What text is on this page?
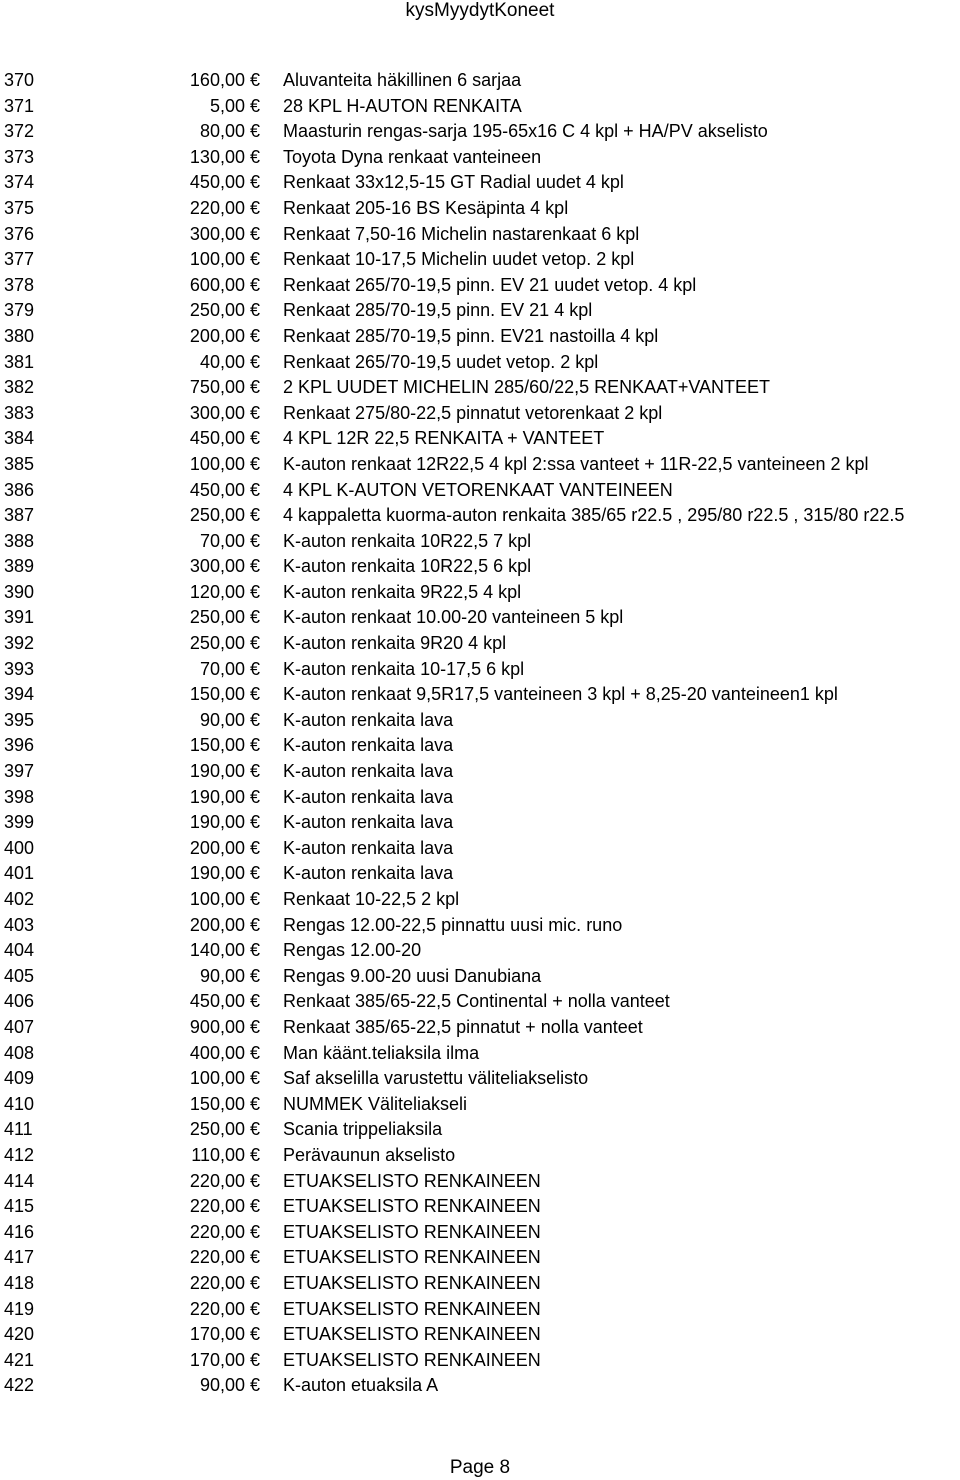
kysMyydytKoneet
370	160,00 € Aluvanteita häkillinen 6 sarjaa
371	5,00 € 28 KPL H-AUTON RENKAITA
372	80,00 € Maasturin rengas-sarja 195-65x16 C 4 kpl + HA/PV akselisto
373	130,00 € Toyota Dyna renkaat vanteineen
374	450,00 € Renkaat 33x12,5-15 GT Radial uudet 4 kpl
375	220,00 € Renkaat 205-16 BS Kesäpinta 4 kpl
376	300,00 € Renkaat 7,50-16 Michelin nastarenkaat 6 kpl
377	100,00 € Renkaat 10-17,5 Michelin uudet vetop. 2 kpl
378	600,00 € Renkaat 265/70-19,5 pinn. EV 21 uudet vetop. 4 kpl
379	250,00 € Renkaat 285/70-19,5 pinn. EV 21 4 kpl
380	200,00 € Renkaat 285/70-19,5 pinn. EV21 nastoilla 4 kpl
381	40,00 € Renkaat 265/70-19,5 uudet vetop. 2 kpl
382	750,00 € 2 KPL UUDET MICHELIN 285/60/22,5 RENKAAT+VANTEET
383	300,00 € Renkaat 275/80-22,5 pinnatut vetorenkaat 2 kpl
384	450,00 € 4 KPL 12R 22,5 RENKAITA + VANTEET
385	100,00 € K-auton renkaat 12R22,5 4 kpl 2:ssa vanteet + 11R-22,5 vanteineen 2 kpl
386	450,00 € 4 KPL K-AUTON VETORENKAAT VANTEINEEN
387	250,00 € 4 kappaletta kuorma-auton renkaita 385/65 r22.5 , 295/80 r22.5 , 315/80 r22.5
388	70,00 € K-auton renkaita 10R22,5 7 kpl
389	300,00 € K-auton renkaita 10R22,5 6 kpl
390	120,00 € K-auton renkaita 9R22,5 4 kpl
391	250,00 € K-auton renkaat 10.00-20 vanteineen 5 kpl
392	250,00 € K-auton renkaita 9R20 4 kpl
393	70,00 € K-auton renkaita 10-17,5 6 kpl
394	150,00 € K-auton renkaat 9,5R17,5 vanteineen 3 kpl + 8,25-20 vanteineen1 kpl
395	90,00 € K-auton renkaita lava
396	150,00 € K-auton renkaita lava
397	190,00 € K-auton renkaita lava
398	190,00 € K-auton renkaita lava
399	190,00 € K-auton renkaita lava
400	200,00 € K-auton renkaita lava
401	190,00 € K-auton renkaita lava
402	100,00 € Renkaat 10-22,5 2 kpl
403	200,00 € Rengas 12.00-22,5 pinnattu uusi mic. runo
404	140,00 € Rengas 12.00-20
405	90,00 € Rengas 9.00-20 uusi Danubiana
406	450,00 € Renkaat 385/65-22,5 Continental + nolla vanteet
407	900,00 € Renkaat 385/65-22,5 pinnatut + nolla vanteet
408	400,00 € Man käänt.teliaksila ilma
409	100,00 € Saf akselilla varustettu väliteliakselisto
410	150,00 € NUMMEK Väliteliakseli
411	250,00 € Scania trippeliaksila
412	110,00 € Perävaunun akselisto
414	220,00 € ETUAKSELISTO RENKAINEEN
415	220,00 € ETUAKSELISTO RENKAINEEN
416	220,00 € ETUAKSELISTO RENKAINEEN
417	220,00 € ETUAKSELISTO RENKAINEEN
418	220,00 € ETUAKSELISTO RENKAINEEN
419	220,00 € ETUAKSELISTO RENKAINEEN
420	170,00 € ETUAKSELISTO RENKAINEEN
421	170,00 € ETUAKSELISTO RENKAINEEN
422	90,00 € K-auton etuaksila A
Page 8
